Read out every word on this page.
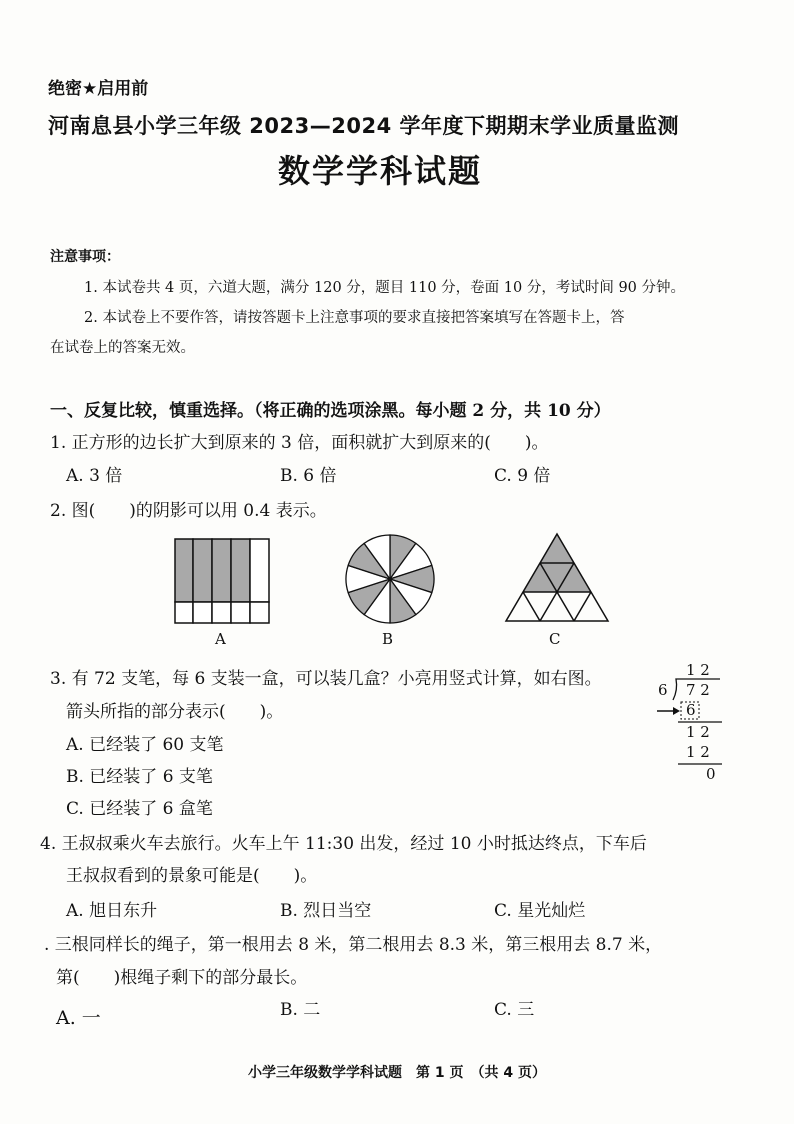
绝密★启用前
河南息县小学三年级 2023—2024 学年度下期期末学业质量监测
数学学科试题
注意事项：
1. 本试卷共 4 页，六道大题，满分 120 分，题目 110 分，卷面 10 分，考试时间 90 分钟。
2. 本试卷上不要作答，请按答题卡上注意事项的要求直接把答案填写在答题卡上，答
在试卷上的答案无效。
一、反复比较，慎重选择。（将正确的选项涂黑。每小题 2 分，共 10 分）
1. 正方形的边长扩大到原来的 3 倍，面积就扩大到原来的(　　)。
A. 3 倍	B. 6 倍	C. 9 倍
2. 图(　　)的阴影可以用 0.4 表示。
A	B	C
3. 有 72 支笔，每 6 支装一盒，可以装几盒？小亮用竖式计算，如右图。
箭头所指的部分表示(　　)。
A. 已经装了 60 支笔
B. 已经装了 6 支笔
C. 已经装了 6 盒笔
1 2
6 7 2
6
1 2
1 2
0
4. 王叔叔乘火车去旅行。火车上午 11:30 出发，经过 10 小时抵达终点，下车后
王叔叔看到的景象可能是(　　)。
A. 旭日东升	B. 烈日当空	C. 星光灿烂
. 三根同样长的绳子，第一根用去 8 米，第二根用去 8.3 米，第三根用去 8.7 米，
第(　　)根绳子剩下的部分最长。
A. 一	B. 二	C. 三
小学三年级数学学科试题　第 1 页　（共 4 页）
